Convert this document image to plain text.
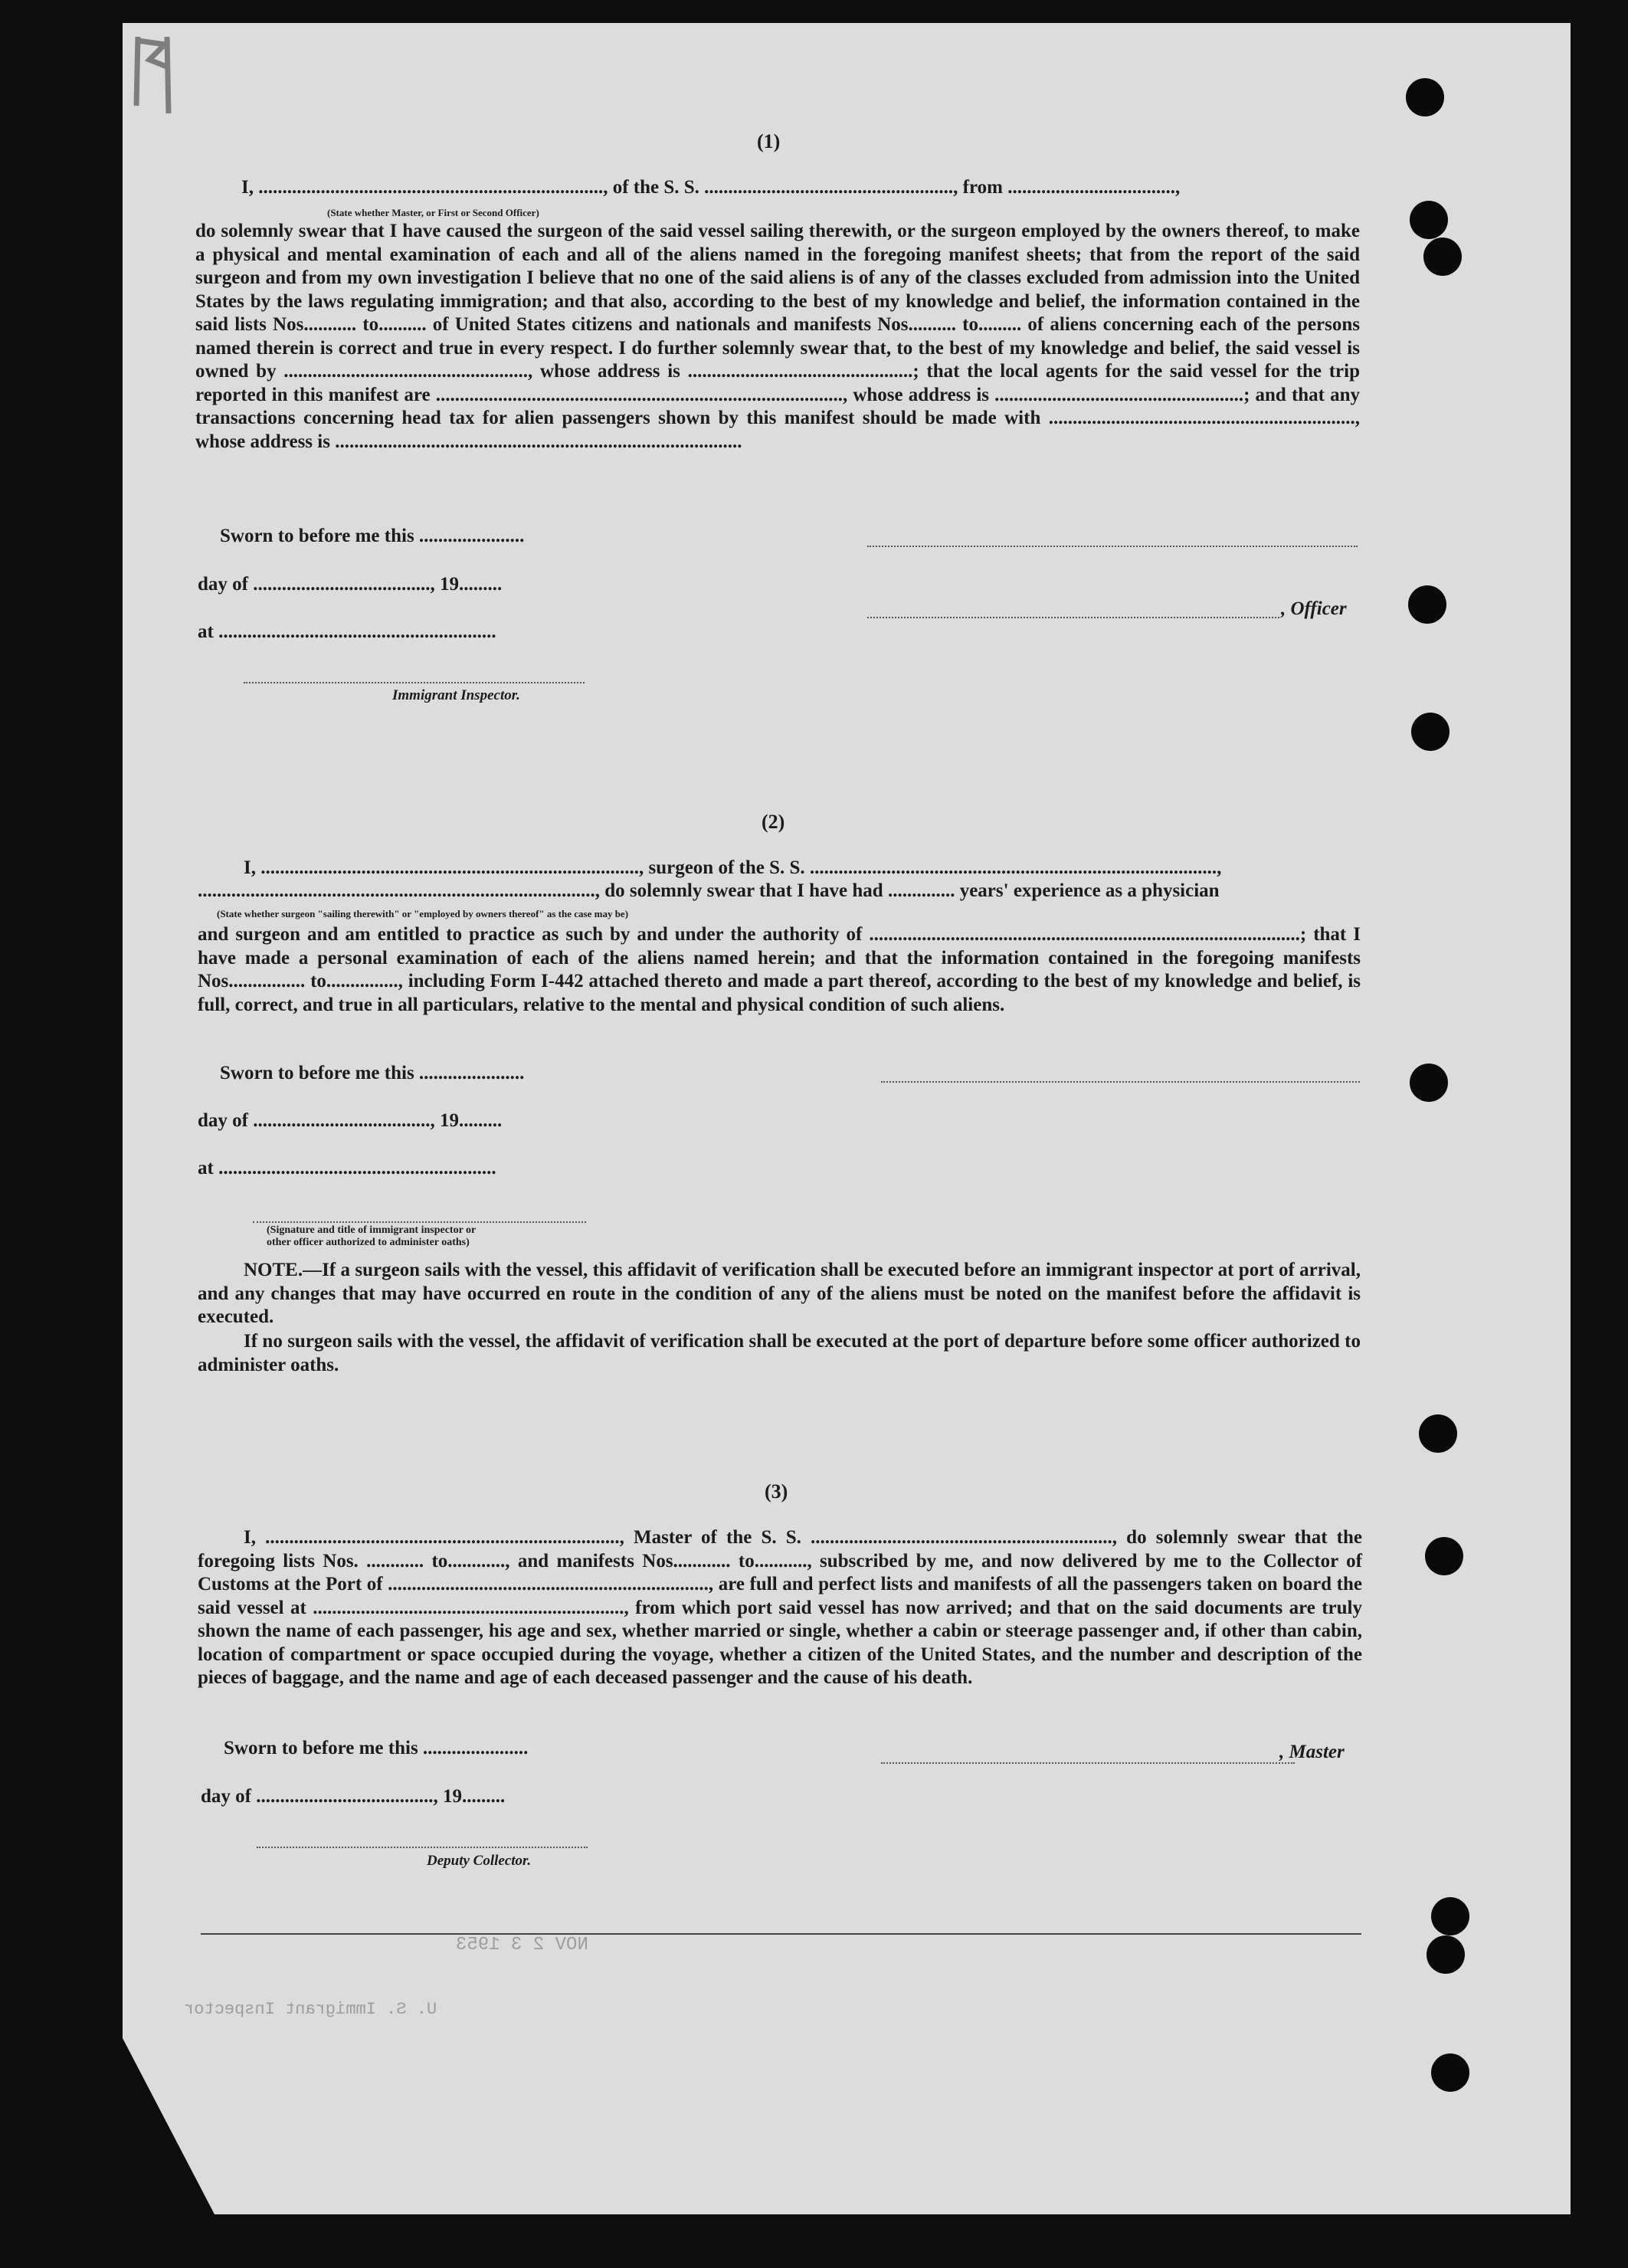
NOV 2 3 1953
U. S. Immigrant Inspector
(1)
I, ........................................................................, of the S. S. ...................................................., from ...................................,
(State whether Master, or First or Second Officer)
do solemnly swear that I have caused the surgeon of the said vessel sailing therewith, or the surgeon employed by the owners thereof, to make a physical and mental examination of each and all of the aliens named in the foregoing manifest sheets; that from the report of the said surgeon and from my own investigation I believe that no one of the said aliens is of any of the classes excluded from admission into the United States by the laws regulating immigration; and that also, according to the best of my knowledge and belief, the information contained in the said lists Nos........... to.......... of United States citizens and nationals and manifests Nos.......... to......... of aliens concerning each of the persons named therein is correct and true in every respect. I do further solemnly swear that, to the best of my knowledge and belief, the said vessel is owned by ..................................................., whose address is ...............................................; that the local agents for the said vessel for the trip reported in this manifest are ....................................................................................., whose address is ....................................................; and that any transactions concerning head tax for alien passengers shown by this manifest should be made with ................................................................, whose address is .....................................................................................
Sworn to before me this ......................
day of ....................................., 19.........
at ..........................................................
Immigrant Inspector.
, Officer
(2)
I, ..............................................................................., surgeon of the S. S. .....................................................................................,
..................................................................................., do solemnly swear that I have had .............. years' experience as a physician
(State whether surgeon "sailing therewith" or "employed by owners thereof" as the case may be)
and surgeon and am entitled to practice as such by and under the authority of ..........................................................................................; that I have made a personal examination of each of the aliens named herein; and that the information contained in the foregoing manifests Nos................ to..............., including Form I-442 attached thereto and made a part thereof, according to the best of my knowledge and belief, is full, correct, and true in all particulars, relative to the mental and physical condition of such aliens.
Sworn to before me this ......................
day of ....................................., 19.........
at ..........................................................
(Signature and title of immigrant inspector or
other officer authorized to administer oaths)
NOTE.—If a surgeon sails with the vessel, this affidavit of verification shall be executed before an immigrant inspector at port of arrival, and any changes that may have occurred en route in the condition of any of the aliens must be noted on the manifest before the affidavit is executed.
If no surgeon sails with the vessel, the affidavit of verification shall be executed at the port of departure before some officer authorized to administer oaths.
(3)
I, .........................................................................., Master of the S. S. ..............................................................., do solemnly swear that the foregoing lists Nos. ............ to............, and manifests Nos............ to..........., subscribed by me, and now delivered by me to the Collector of Customs at the Port of ..................................................................., are full and perfect lists and manifests of all the passengers taken on board the said vessel at ................................................................., from which port said vessel has now arrived; and that on the said documents are truly shown the name of each passenger, his age and sex, whether married or single, whether a cabin or steerage passenger and, if other than cabin, location of compartment or space occupied during the voyage, whether a citizen of the United States, and the number and description of the pieces of baggage, and the name and age of each deceased passenger and the cause of his death.
Sworn to before me this ......................
day of ....................................., 19.........
Deputy Collector.
, Master
